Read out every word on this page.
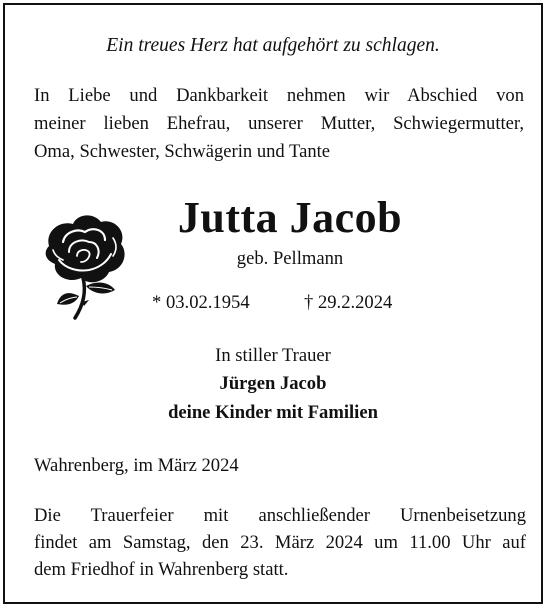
Ein treues Herz hat aufgehört zu schlagen.
In Liebe und Dankbarkeit nehmen wir Abschied von
meiner lieben Ehefrau, unserer Mutter, Schwiegermutter,
Oma, Schwester, Schwägerin und Tante
Jutta Jacob
geb. Pellmann
* 03.02.1954	† 29.2.2024
In stiller Trauer
Jürgen Jacob
deine Kinder mit Familien
Wahrenberg, im März 2024
Die Trauerfeier mit anschließender Urnenbeisetzung
findet am Samstag, den 23. März 2024 um 11.00 Uhr auf
dem Friedhof in Wahrenberg statt.
